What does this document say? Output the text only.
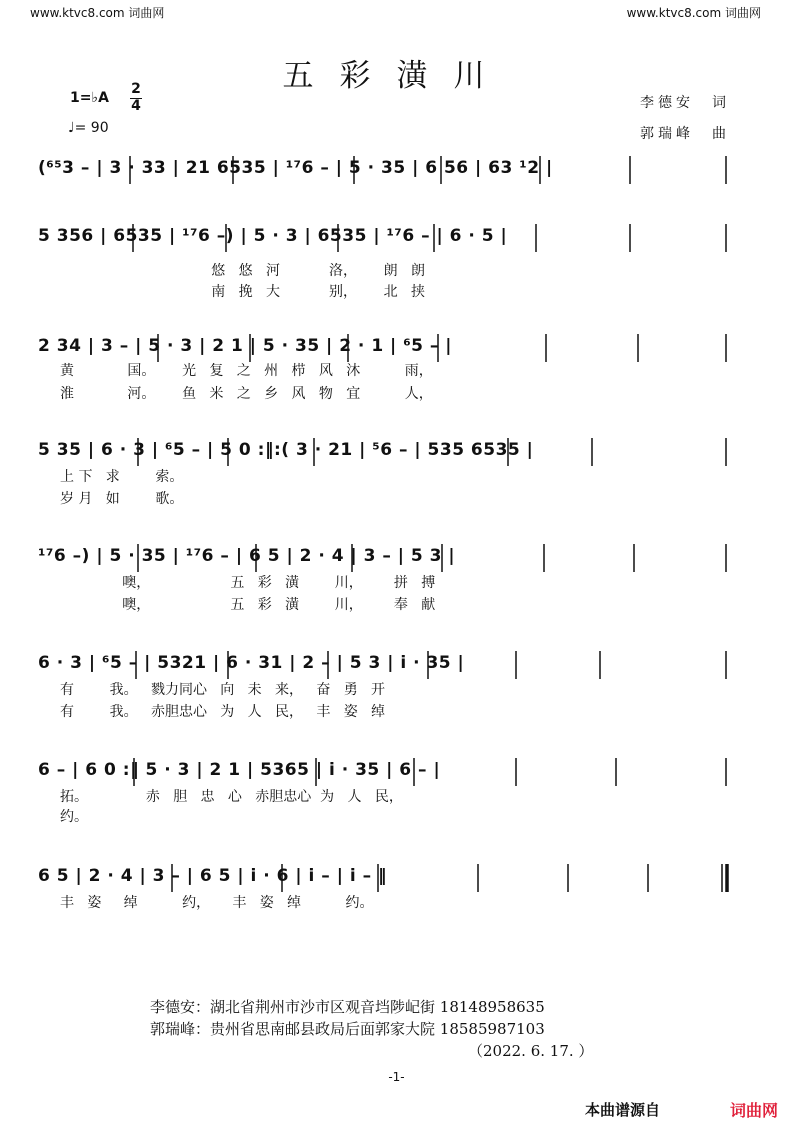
www.ktvc8.com 词曲网	www.ktvc8.com 词曲网
五彩潢川
1=♭A
2
4
♩= 90
李德安　词
郭瑞峰　曲
(⁶⁵3 – | 3 · 33 | 21 6535 | ¹⁷6 – | 5 · 35 | 6 56 | 63 ¹2 |
5 356 | 6535 | ¹⁷6 –) | 5 · 3 | 6535 | ¹⁷6 – | 6 · 5 |
悠   悠   河           洛，      朗   朗
南   挽   大           别，      北   挟
2 34 | 3 – | 5 · 3 | 2 1 | 5 · 35 | 2 · 1 | ⁶5 – |
黄            国。      光   复   之   州   栉   风   沐          雨，
淮            河。      鱼   米   之   乡   风   物   宜          人，
5 35 | 6 · 3 | ⁶5 – | 5 0 :‖:( 3 · 21 | ⁵6 – | 535 6535 |
上 下   求        索。
岁 月   如        歌。
¹⁷6 –) | 5 · 35 | ¹⁷6 – | 6 5 | 2 · 4 | 3 – | 5 3 |
噢，                  五   彩   潢        川，       拼   搏
噢，                  五   彩   潢        川，       奉   献
6 · 3 | ⁶5 – | 5321 | 6 · 31 | 2 – | 5 3 | i · 35 |
有        我。   戮力同心   向   未   来，   奋   勇   开
有        我。   赤胆忠心   为   人   民，   丰   姿   绰
6 – | 6 0 :‖ 5 · 3 | 2 1 | 5365 | i · 35 | 6 – |
拓。             赤   胆   忠   心   赤胆忠心  为   人   民，
约。
6 5 | 2 · 4 | 3 – | 6 5 | i · 6 | i – | i – ‖
丰   姿     绰          约，     丰   姿   绰          约。
李德安：湖北省荆州市沙市区观音垱陟屺街 18148958635
郭瑞峰：贵州省思南邮县政局后面郭家大院 18585987103
（2022. 6. 17. ）
-1-
本曲谱源自	词曲网
